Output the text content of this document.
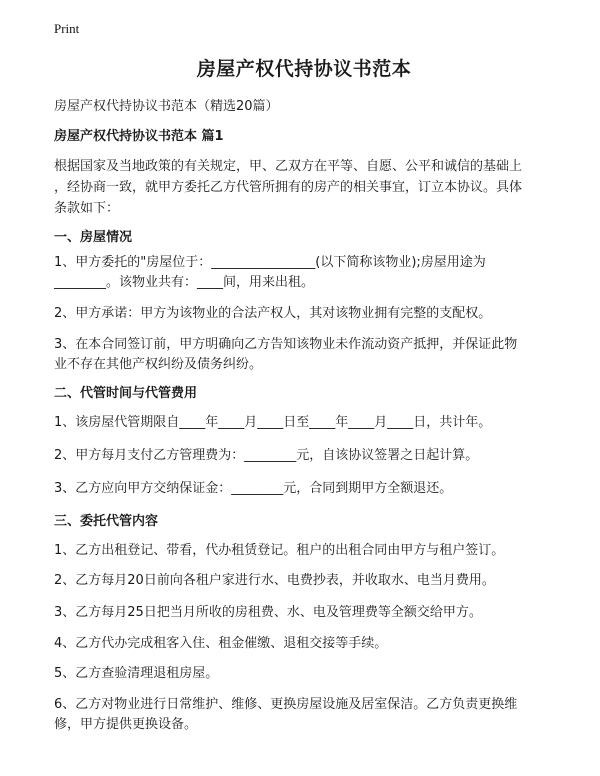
Print
房屋产权代持协议书范本
房屋产权代持协议书范本（精选20篇）
房屋产权代持协议书范本 篇1
根据国家及当地政策的有关规定，甲、乙双方在平等、自愿、公平和诚信的基础上
，经协商一致，就甲方委托乙方代管所拥有的房产的相关事宜，订立本协议。具体
条款如下：
一、房屋情况
1、甲方委托的"房屋位于：________________(以下简称该物业);房屋用途为
________。该物业共有：____间，用来出租。
2、甲方承诺：甲方为该物业的合法产权人，其对该物业拥有完整的支配权。
3、在本合同签订前，甲方明确向乙方告知该物业未作流动资产抵押，并保证此物
业不存在其他产权纠纷及债务纠纷。
二、代管时间与代管费用
1、该房屋代管期限自____年____月____日至____年____月____日，共计年。
2、甲方每月支付乙方管理费为：________元，自该协议签署之日起计算。
3、乙方应向甲方交纳保证金：________元，合同到期甲方全额退还。
三、委托代管内容
1、乙方出租登记、带看，代办租赁登记。租户的出租合同由甲方与租户签订。
2、乙方每月20日前向各租户家进行水、电费抄表，并收取水、电当月费用。
3、乙方每月25日把当月所收的房租费、水、电及管理费等全额交给甲方。
4、乙方代办完成租客入住、租金催缴、退租交接等手续。
5、乙方查验清理退租房屋。
6、乙方对物业进行日常维护、维修、更换房屋设施及居室保洁。乙方负责更换维
修，甲方提供更换设备。
